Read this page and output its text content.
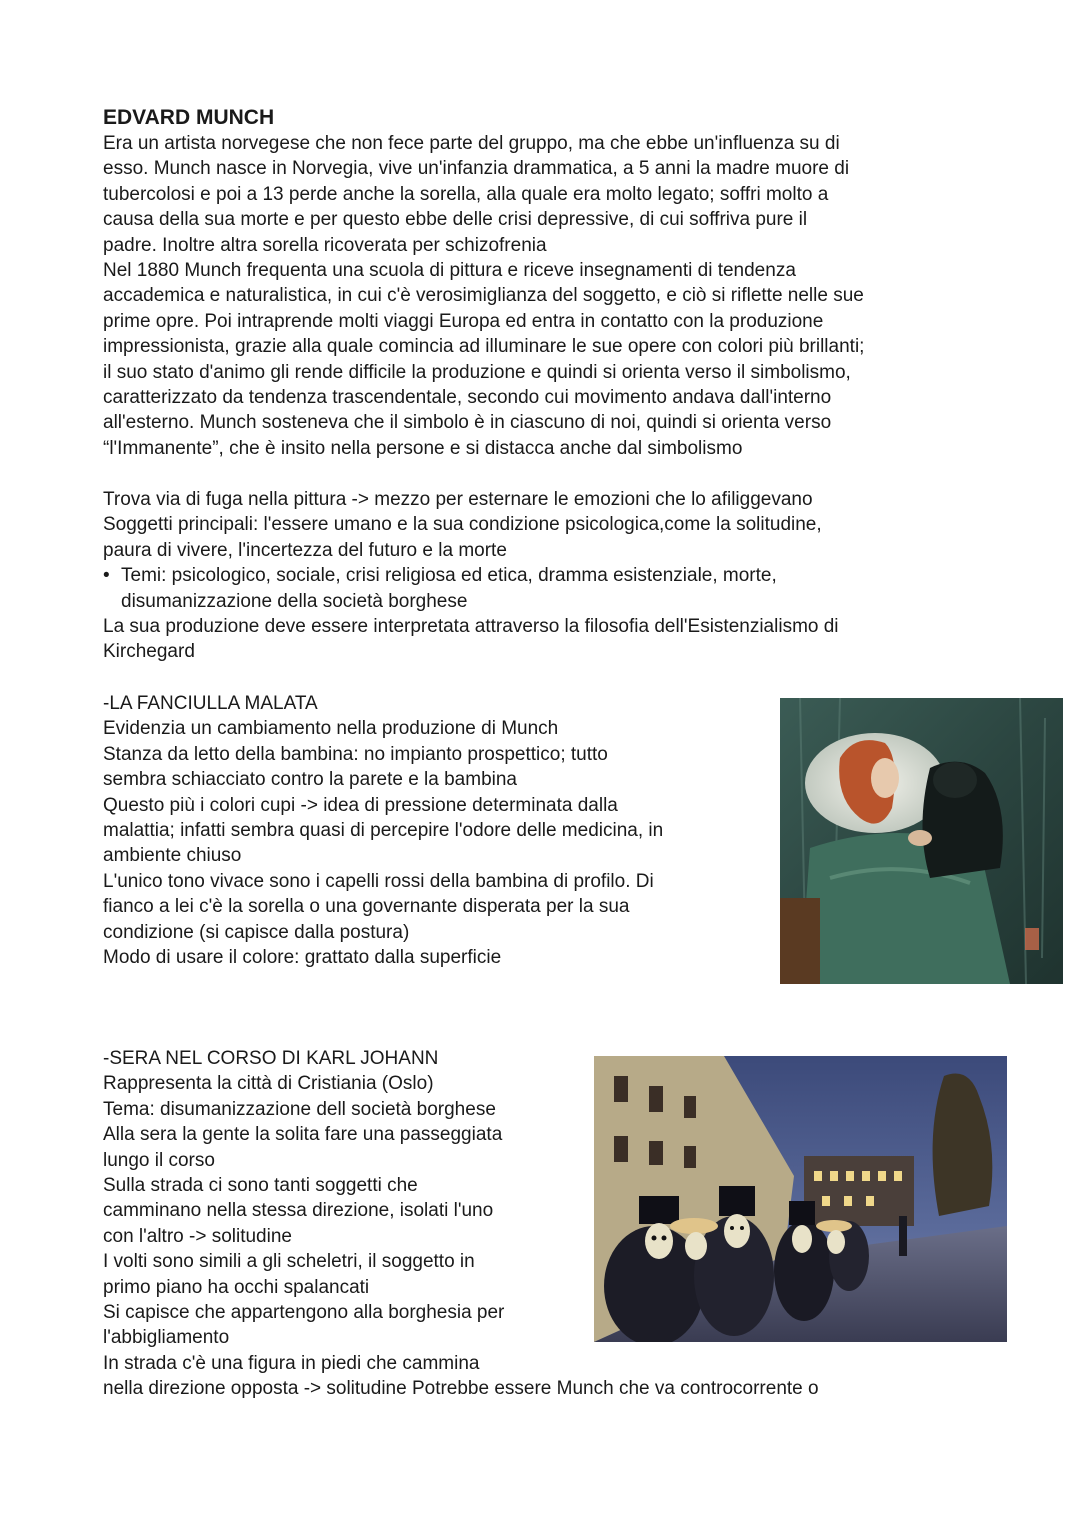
EDVARD MUNCH
Era un artista norvegese che non fece parte del gruppo, ma che ebbe un'influenza su di
esso. Munch nasce in Norvegia, vive un'infanzia drammatica, a 5 anni la madre muore di
tubercolosi e poi a 13 perde anche la sorella, alla quale era molto legato; soffri molto a
causa della sua morte e per questo ebbe delle crisi depressive, di cui soffriva pure il
padre. Inoltre altra sorella ricoverata per schizofrenia
Nel 1880 Munch frequenta una scuola di pittura e riceve insegnamenti di tendenza
accademica e naturalistica, in cui c'è verosimiglianza del soggetto, e ciò si riflette nelle sue
prime opre. Poi intraprende molti viaggi Europa ed entra in contatto con la produzione
impressionista, grazie alla quale comincia ad illuminare le sue opere con colori più brillanti;
il suo stato d'animo gli rende difficile la produzione e quindi si orienta verso il simbolismo,
caratterizzato da tendenza trascendentale, secondo cui movimento andava dall'interno
all'esterno. Munch sosteneva che il simbolo è in ciascuno di noi, quindi si orienta verso
“l'Immanente”, che è insito nella persone e si distacca anche dal simbolismo
Trova via di fuga nella pittura -> mezzo per esternare le emozioni che lo afiliggevano
Soggetti principali: l'essere umano e la sua condizione psicologica,come la solitudine,
paura di vivere, l'incertezza del futuro e la morte
• Temi: psicologico, sociale, crisi religiosa ed etica, dramma esistenziale, morte,
disumanizzazione della società borghese
La sua produzione deve essere interpretata attraverso la filosofia dell'Esistenzialismo di
Kirchegard
-LA FANCIULLA MALATA
Evidenzia un cambiamento nella produzione di Munch
Stanza da letto della bambina: no impianto prospettico; tutto
sembra schiacciato contro la parete e la bambina
Questo più i colori cupi -> idea di pressione determinata dalla
malattia; infatti sembra quasi di percepire l'odore delle medicina, in
ambiente chiuso
L'unico tono vivace sono i capelli rossi della bambina di profilo. Di
fianco a lei c'è la sorella o una governante disperata per la sua
condizione (si capisce dalla postura)
Modo di usare il colore: grattato dalla superficie
-SERA NEL CORSO DI KARL JOHANN
Rappresenta la città di Cristiania (Oslo)
Tema: disumanizzazione dell società borghese
Alla sera la gente la solita fare una passeggiata
lungo il corso
Sulla strada ci sono tanti soggetti che
camminano nella stessa direzione, isolati l'uno
con l'altro -> solitudine
I volti sono simili a gli scheletri, il soggetto in
primo piano ha occhi spalancati
Si capisce che appartengono alla borghesia per
l'abbigliamento
In strada c'è una figura in piedi che cammina
nella direzione opposta -> solitudine Potrebbe essere Munch che va controcorrente o
